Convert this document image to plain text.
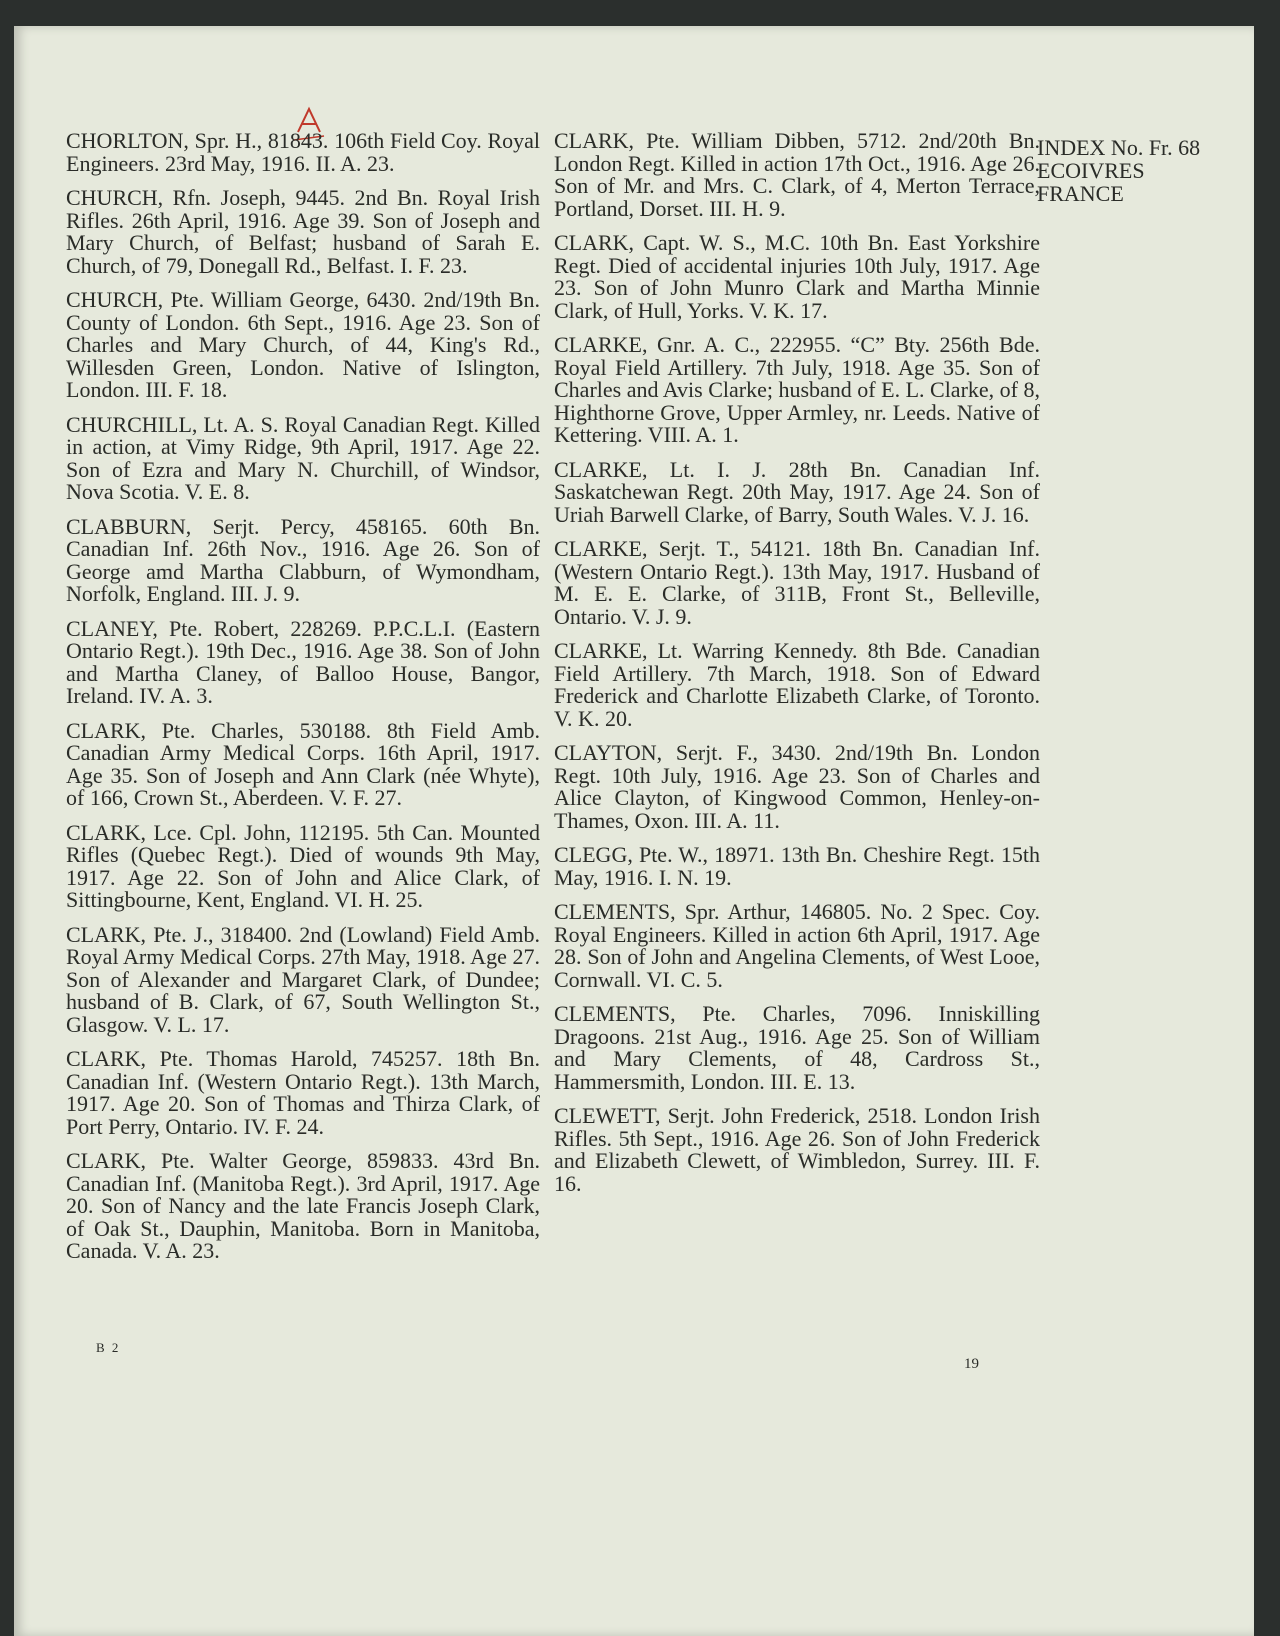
CHORLTON, Spr. H., 81843. 106th Field Coy. Royal Engineers. 23rd May, 1916. II. A. 23.

CHURCH, Rfn. Joseph, 9445. 2nd Bn. Royal Irish Rifles. 26th April, 1916. Age 39. Son of Joseph and Mary Church, of Belfast; husband of Sarah E. Church, of 79, Donegall Rd., Belfast. I. F. 23.

CHURCH, Pte. William George, 6430. 2nd/19th Bn. County of London. 6th Sept., 1916. Age 23. Son of Charles and Mary Church, of 44, King's Rd., Willesden Green, London. Native of Islington, London. III. F. 18.

CHURCHILL, Lt. A. S. Royal Canadian Regt. Killed in action, at Vimy Ridge, 9th April, 1917. Age 22. Son of Ezra and Mary N. Churchill, of Windsor, Nova Scotia. V. E. 8.

CLABBURN, Serjt. Percy, 458165. 60th Bn. Canadian Inf. 26th Nov., 1916. Age 26. Son of George amd Martha Clabburn, of Wymondham, Norfolk, England. III. J. 9.

CLANEY, Pte. Robert, 228269. P.P.C.L.I. (Eastern Ontario Regt.). 19th Dec., 1916. Age 38. Son of John and Martha Claney, of Balloo House, Bangor, Ireland. IV. A. 3.

CLARK, Pte. Charles, 530188. 8th Field Amb. Canadian Army Medical Corps. 16th April, 1917. Age 35. Son of Joseph and Ann Clark (née Whyte), of 166, Crown St., Aberdeen. V. F. 27.

CLARK, Lce. Cpl. John, 112195. 5th Can. Mounted Rifles (Quebec Regt.). Died of wounds 9th May, 1917. Age 22. Son of John and Alice Clark, of Sittingbourne, Kent, England. VI. H. 25.

CLARK, Pte. J., 318400. 2nd (Lowland) Field Amb. Royal Army Medical Corps. 27th May, 1918. Age 27. Son of Alexander and Margaret Clark, of Dundee; husband of B. Clark, of 67, South Wellington St., Glasgow. V. L. 17.

CLARK, Pte. Thomas Harold, 745257. 18th Bn. Canadian Inf. (Western Ontario Regt.). 13th March, 1917. Age 20. Son of Thomas and Thirza Clark, of Port Perry, Ontario. IV. F. 24.

CLARK, Pte. Walter George, 859833. 43rd Bn. Canadian Inf. (Manitoba Regt.). 3rd April, 1917. Age 20. Son of Nancy and the late Francis Joseph Clark, of Oak St., Dauphin, Manitoba. Born in Manitoba, Canada. V. A. 23.

CLARK, Pte. William Dibben, 5712. 2nd/20th Bn. London Regt. Killed in action 17th Oct., 1916. Age 26. Son of Mr. and Mrs. C. Clark, of 4, Merton Terrace, Portland, Dorset. III. H. 9.

CLARK, Capt. W. S., M.C. 10th Bn. East Yorkshire Regt. Died of accidental injuries 10th July, 1917. Age 23. Son of John Munro Clark and Martha Minnie Clark, of Hull, Yorks. V. K. 17.

CLARKE, Gnr. A. C., 222955. “C” Bty. 256th Bde. Royal Field Artillery. 7th July, 1918. Age 35. Son of Charles and Avis Clarke; husband of E. L. Clarke, of 8, Highthorne Grove, Upper Armley, nr. Leeds. Native of Kettering. VIII. A. 1.

CLARKE, Lt. I. J. 28th Bn. Canadian Inf. Saskatchewan Regt. 20th May, 1917. Age 24. Son of Uriah Barwell Clarke, of Barry, South Wales. V. J. 16.

CLARKE, Serjt. T., 54121. 18th Bn. Canadian Inf. (Western Ontario Regt.). 13th May, 1917. Husband of M. E. E. Clarke, of 311B, Front St., Belleville, Ontario. V. J. 9.

CLARKE, Lt. Warring Kennedy. 8th Bde. Canadian Field Artillery. 7th March, 1918. Son of Edward Frederick and Charlotte Elizabeth Clarke, of Toronto. V. K. 20.

CLAYTON, Serjt. F., 3430. 2nd/19th Bn. London Regt. 10th July, 1916. Age 23. Son of Charles and Alice Clayton, of Kingwood Common, Henley-on-Thames, Oxon. III. A. 11.

CLEGG, Pte. W., 18971. 13th Bn. Cheshire Regt. 15th May, 1916. I. N. 19.

CLEMENTS, Spr. Arthur, 146805. No. 2 Spec. Coy. Royal Engineers. Killed in action 6th April, 1917. Age 28. Son of John and Angelina Clements, of West Looe, Cornwall. VI. C. 5.

CLEMENTS, Pte. Charles, 7096. Inniskilling Dragoons. 21st Aug., 1916. Age 25. Son of William and Mary Clements, of 48, Cardross St., Hammersmith, London. III. E. 13.

CLEWETT, Serjt. John Frederick, 2518. London Irish Rifles. 5th Sept., 1916. Age 26. Son of John Frederick and Elizabeth Clewett, of Wimbledon, Surrey. III. F. 16.

INDEX No. Fr. 68
ECOIVRES
FRANCE
B 2
19
